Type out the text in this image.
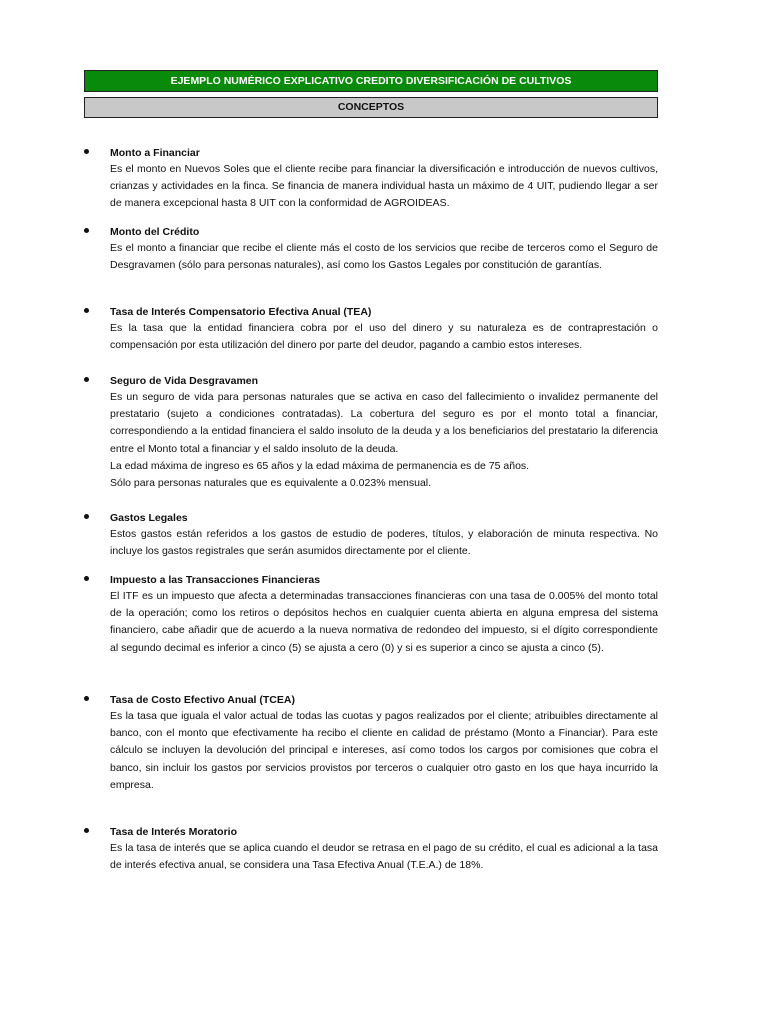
EJEMPLO NUMÉRICO EXPLICATIVO CREDITO DIVERSIFICACIÓN DE CULTIVOS
CONCEPTOS
Monto a Financiar

Es el monto en Nuevos Soles que el cliente recibe para financiar la diversificación e introducción de nuevos cultivos, crianzas y actividades en la finca. Se financia de manera individual hasta un máximo de 4 UIT, pudiendo llegar a ser de manera excepcional hasta 8 UIT con la conformidad de AGROIDEAS.

Monto del Crédito

Es el monto a financiar que recibe el cliente más el costo de los servicios que recibe de terceros como el Seguro de Desgravamen (sólo para personas naturales), así como los Gastos Legales por constitución de garantías.

Tasa de Interés Compensatorio Efectiva Anual (TEA)

Es la tasa que la entidad financiera cobra por el uso del dinero y su naturaleza es de contraprestación o compensación por esta utilización del dinero por parte del deudor, pagando a cambio estos intereses.

Seguro de Vida Desgravamen

Es un seguro de vida para personas naturales que se activa en caso del fallecimiento o invalidez permanente del prestatario (sujeto a condiciones contratadas). La cobertura del seguro es por el monto total a financiar, correspondiendo a la entidad financiera el saldo insoluto de la deuda y a los beneficiarios del prestatario la diferencia entre el Monto total a financiar y el saldo insoluto de la deuda.

La edad máxima de ingreso es 65 años y la edad máxima de permanencia es de 75 años.

Sólo para personas naturales que es equivalente a 0.023% mensual.

Gastos Legales

Estos gastos están referidos a los gastos de estudio de poderes, títulos, y elaboración de minuta respectiva. No incluye los gastos registrales que serán asumidos directamente por el cliente.

Impuesto a las Transacciones Financieras

El ITF es un impuesto que afecta a determinadas transacciones financieras con una tasa de 0.005% del monto total de la operación; como los retiros o depósitos hechos en cualquier cuenta abierta en alguna empresa del sistema financiero, cabe añadir que de acuerdo a la nueva normativa de redondeo del impuesto, si el dígito correspondiente al segundo decimal es inferior a cinco (5) se ajusta a cero (0) y si es superior a cinco se ajusta a cinco (5).

Tasa de Costo Efectivo Anual (TCEA)

Es la tasa que iguala el valor actual de todas las cuotas y pagos realizados por el cliente; atribuibles directamente al banco, con el monto que efectivamente ha recibo el cliente en calidad de préstamo (Monto a Financiar). Para este cálculo se incluyen la devolución del principal e intereses, así como todos los cargos por comisiones que cobra el banco, sin incluir los gastos por servicios provistos por terceros o cualquier otro gasto en los que haya incurrido la empresa.

Tasa de Interés Moratorio

Es la tasa de interés que se aplica cuando el deudor se retrasa en el pago de su crédito, el cual es adicional a la tasa de interés efectiva anual, se considera una Tasa Efectiva Anual (T.E.A.) de 18%.
